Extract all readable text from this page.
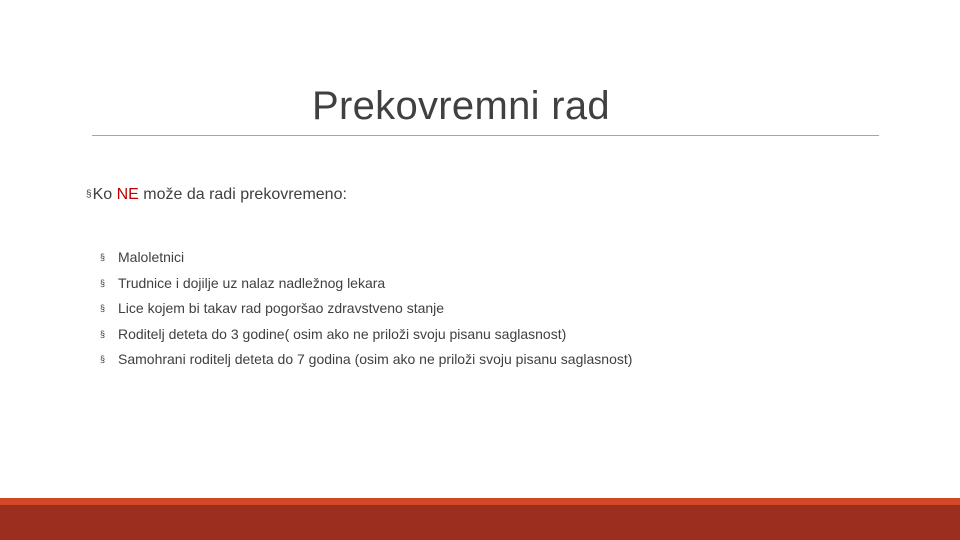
Prekovremni rad
§Ko NE može da radi prekovremeno:
§ Maloletnici
§ Trudnice i dojilje uz nalaz nadležnog lekara
§ Lice kojem bi takav rad pogoršao zdravstveno stanje
§ Roditelj deteta do 3 godine( osim ako ne priloži svoju pisanu saglasnost)
§ Samohrani roditelj deteta do 7 godina (osim ako ne priloži svoju pisanu saglasnost)
